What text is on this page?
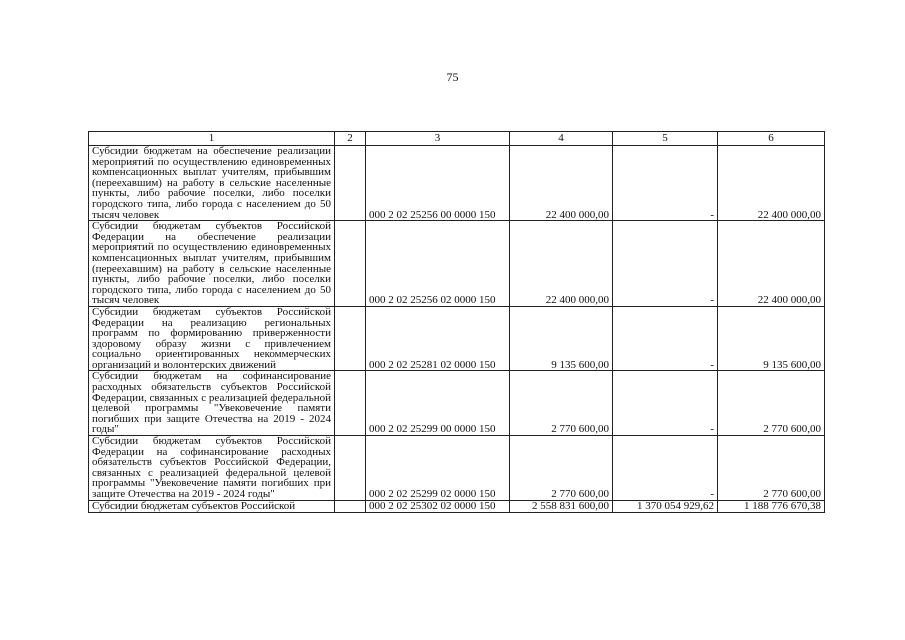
75
1	2	3	4	5	6
Субсидии бюджетам на обеспечение реализации мероприятий по осуществлению единовременных компенсационных выплат учителям, прибывшим (переехавшим) на работу в сельские населенные пункты, либо рабочие поселки, либо поселки городского типа, либо города с населением до 50 тысяч человек		000 2 02 25256 00 0000 150	22 400 000,00	-	22 400 000,00
Субсидии бюджетам субъектов Российской Федерации на обеспечение реализации мероприятий по осуществлению единовременных компенсационных выплат учителям, прибывшим (переехавшим) на работу в сельские населенные пункты, либо рабочие поселки, либо поселки городского типа, либо города с населением до 50 тысяч человек		000 2 02 25256 02 0000 150	22 400 000,00	-	22 400 000,00
Субсидии бюджетам субъектов Российской Федерации на реализацию региональных программ по формированию приверженности здоровому образу жизни с привлечением социально ориентированных некоммерческих организаций и волонтерских движений		000 2 02 25281 02 0000 150	9 135 600,00	-	9 135 600,00
Субсидии бюджетам на софинансирование расходных обязательств субъектов Российской Федерации, связанных с реализацией федеральной целевой программы "Увековечение памяти погибших при защите Отечества на 2019 - 2024 годы"		000 2 02 25299 00 0000 150	2 770 600,00	-	2 770 600,00
Субсидии бюджетам субъектов Российской Федерации на софинансирование расходных обязательств субъектов Российской Федерации, связанных с реализацией федеральной целевой программы "Увековечение памяти погибших при защите Отечества на 2019 - 2024 годы"		000 2 02 25299 02 0000 150	2 770 600,00	-	2 770 600,00
Субсидии бюджетам субъектов Российской		000 2 02 25302 02 0000 150	2 558 831 600,00	1 370 054 929,62	1 188 776 670,38
